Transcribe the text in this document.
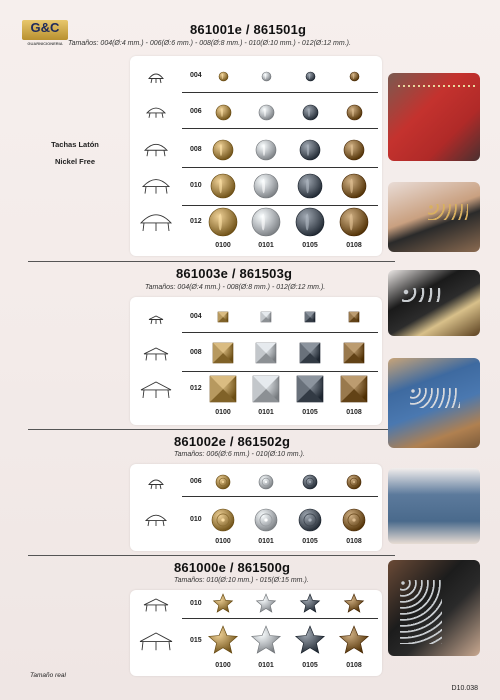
G&C
GUARNICIONERIA
861001e / 861501g
Tamaños: 004(Ø:4 mm.) - 006(Ø:6 mm.) - 008(Ø:8 mm.) - 010(Ø:10 mm.) - 012(Ø:12 mm.).
Tachas Latón
Nickel Free
004
006
008
010
012
0100	0101	0105	0108
861003e / 861503g
Tamaños: 004(Ø:4 mm.) - 008(Ø:8 mm.) - 012(Ø:12 mm.).
004
008
012
0100	0101	0105	0108
861002e / 861502g
Tamaños: 006(Ø:6 mm.) - 010(Ø:10 mm.).
006
010
0100	0101	0105	0108
861000e / 861500g
Tamaños: 010(Ø:10 mm.) - 015(Ø:15 mm.).
010
015
0100	0101	0105	0108
Tamaño real
D10.038
